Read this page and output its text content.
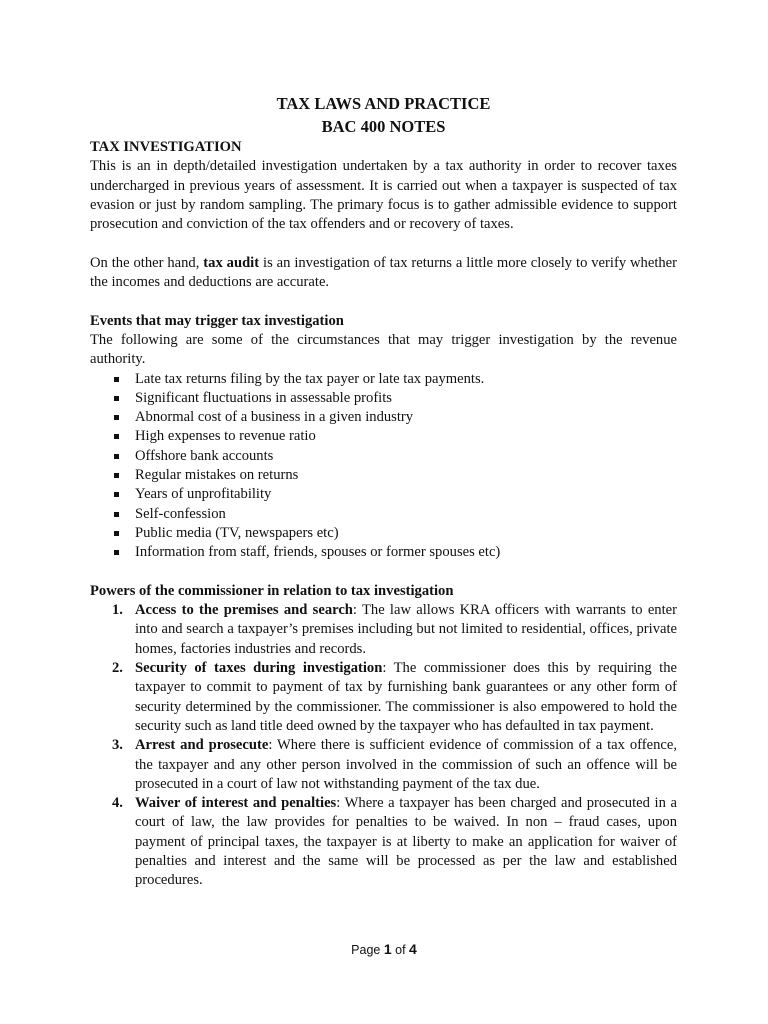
TAX LAWS AND PRACTICE

BAC 400 NOTES

TAX INVESTIGATION

This is an in depth/detailed investigation undertaken by a tax authority in order to recover taxes undercharged in previous years of assessment. It is carried out when a taxpayer is suspected of tax evasion or just by random sampling. The primary focus is to gather admissible evidence to support prosecution and conviction of the tax offenders and or recovery of taxes.

On the other hand, tax audit is an investigation of tax returns a little more closely to verify whether the incomes and deductions are accurate.

Events that may trigger tax investigation

The following are some of the circumstances that may trigger investigation by the revenue authority.

Late tax returns filing by the tax payer or late tax payments.
Significant fluctuations in assessable profits
Abnormal cost of a business in a given industry
High expenses to revenue ratio
Offshore bank accounts
Regular mistakes on returns
Years of unprofitability
Self-confession
Public media (TV, newspapers etc)
Information from staff, friends, spouses or former spouses etc)

Powers of the commissioner in relation to tax investigation

1. Access to the premises and search: The law allows KRA officers with warrants to enter into and search a taxpayer’s premises including but not limited to residential, offices, private homes, factories industries and records.
2. Security of taxes during investigation: The commissioner does this by requiring the taxpayer to commit to payment of tax by furnishing bank guarantees or any other form of security determined by the commissioner. The commissioner is also empowered to hold the security such as land title deed owned by the taxpayer who has defaulted in tax payment.
3. Arrest and prosecute: Where there is sufficient evidence of commission of a tax offence, the taxpayer and any other person involved in the commission of such an offence will be prosecuted in a court of law not withstanding payment of the tax due.
4. Waiver of interest and penalties: Where a taxpayer has been charged and prosecuted in a court of law, the law provides for penalties to be waived. In non – fraud cases, upon payment of principal taxes, the taxpayer is at liberty to make an application for waiver of penalties and interest and the same will be processed as per the law and established procedures.
Page 1 of 4
